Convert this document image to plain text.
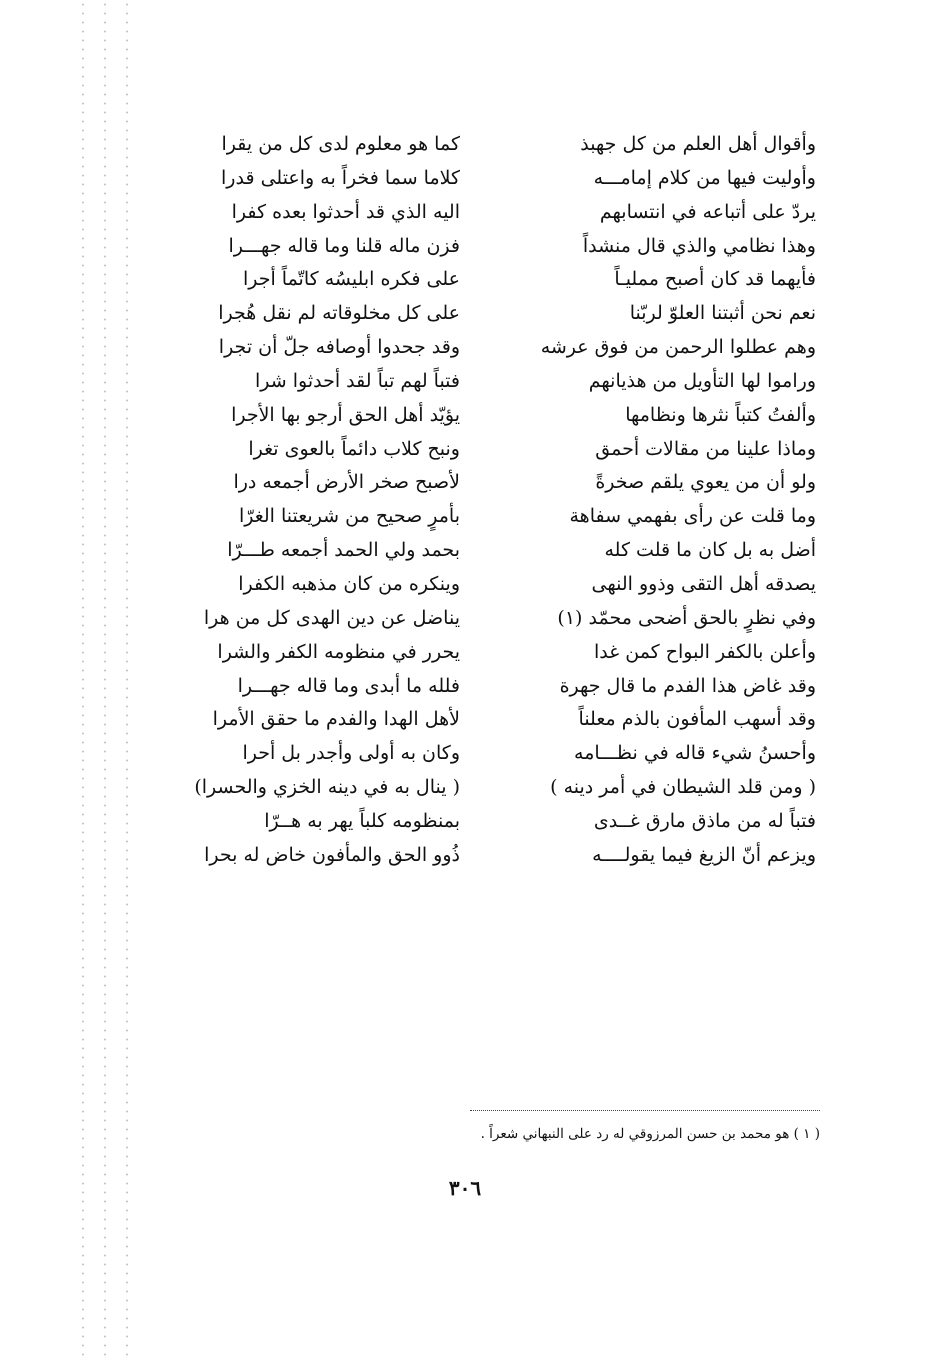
وأقوال أهل العلم من كل جهبذ
وأوليت فيها من كلام إمامـــه
يردّ على أتباعه في انتسابهم
وهذا نظامي والذي قال منشداً
فأيهما قد كان أصبح ممليـاً
نعم نحن أثبتنا العلوّ لربّنا
وهم عطلوا الرحمن من فوق عرشه
وراموا لها التأويل من هذيانهم
وألفتُ كتباً نثرها ونظامها
وماذا علينا من مقالات أحمق
ولو أن من يعوي يلقم صخرةً
وما قلت عن رأى بفهمي سفاهة
أضل به بل كان ما قلت كله
يصدقه أهل التقى وذوو النهى
وفي نظرٍ بالحق أضحى محمّد (١)
وأعلن بالكفر البواح كمن غدا
وقد غاض هذا الفدم ما قال جهرة
وقد أسهب المأفون بالذم معلناً
وأحسنُ شيء قاله في نظـــامه
( ومن قلد الشيطان في أمر دينه )
فتباً له من ماذق مارق غــدى
ويزعم أنّ الزيغ فيما يقولــــه
كما هو معلوم لدى كل من يقرا
كلاما سما فخراً به واعتلى قدرا
اليه الذي قد أحدثوا بعده كفرا
فزن ماله قلنا وما قاله جهـــرا
على فكره ابليسُه كاتّماً أجرا
على كل مخلوقاته لم نقل هُجرا
وقد جحدوا أوصافه جلّ أن تجرا
فتباً لهم تباً لقد أحدثوا شرا
يؤيّد أهل الحق أرجو بها الأجرا
ونبح كلاب دائماً بالعوى تغرا
لأصبح صخر الأرض أجمعه درا
بأمرٍ صحيح من شريعتنا الغرّا
بحمد ولي الحمد أجمعه طـــرّا
وينكره من كان مذهبه الكفرا
يناضل عن دين الهدى كل من هرا
يحرر في منظومه الكفر والشرا
فلله ما أبدى وما قاله جهـــرا
لأهل الهدا والفدم ما حقق الأمرا
وكان به أولى وأجدر بل أحرا
( ينال به في دينه الخزي والحسرا)
بمنظومه كلباً يهر به هــرّا
ذُوو الحق والمأفون خاض له بحرا
( ١ ) هو محمد بن حسن المرزوقي له رد على النبهاني شعراً .
٣٠٦
